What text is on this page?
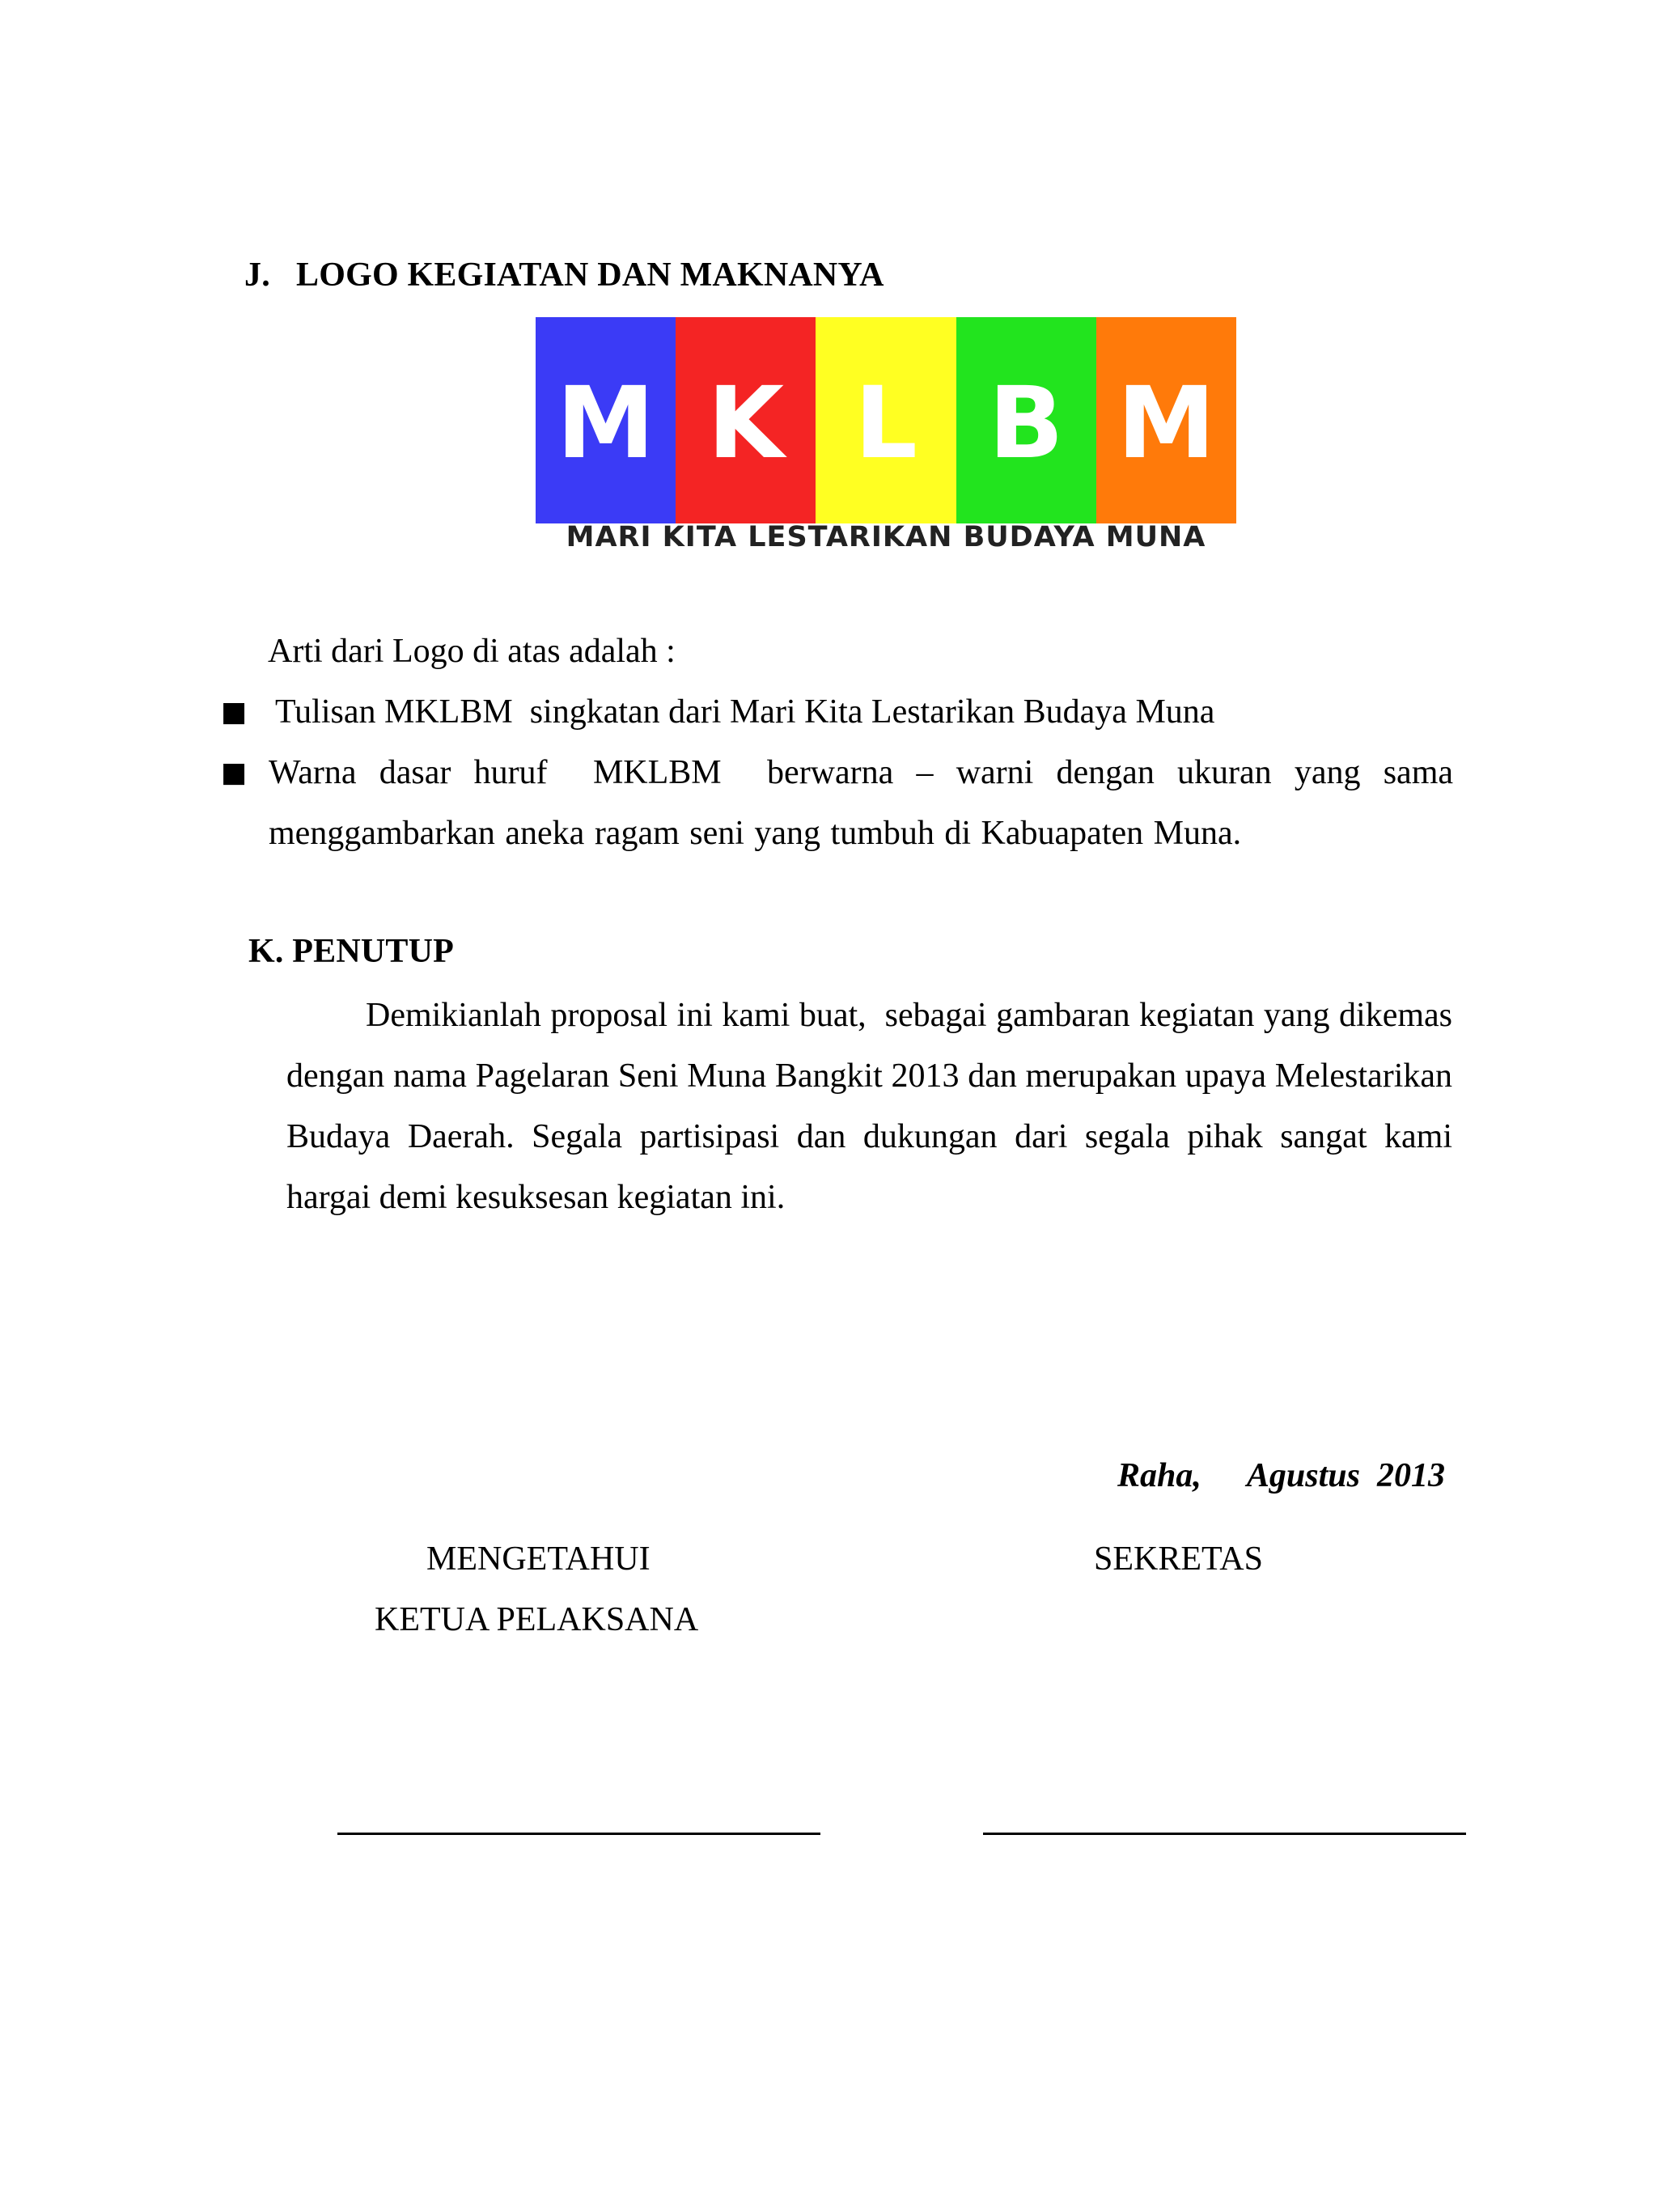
J.   LOGO KEGIATAN DAN MAKNANYA
M K L B M
MARI KITA LESTARIKAN BUDAYA MUNA
Arti dari Logo di atas adalah :
■ Tulisan MKLBM  singkatan dari Mari Kita Lestarikan Budaya Muna
■ Warna dasar huruf  MKLBM  berwarna – warni dengan ukuran yang sama menggambarkan aneka ragam seni yang tumbuh di Kabuapaten Muna.
K. PENUTUP
Demikianlah proposal ini kami buat,  sebagai gambaran kegiatan yang dikemas dengan nama Pagelaran Seni Muna Bangkit 2013 dan merupakan upaya Melestarikan Budaya Daerah. Segala partisipasi dan dukungan dari segala pihak sangat kami hargai demi kesuksesan kegiatan ini.

Raha, Agustus  2013

MENGETAHUI
KETUA PELAKSANA
SEKRETAS
